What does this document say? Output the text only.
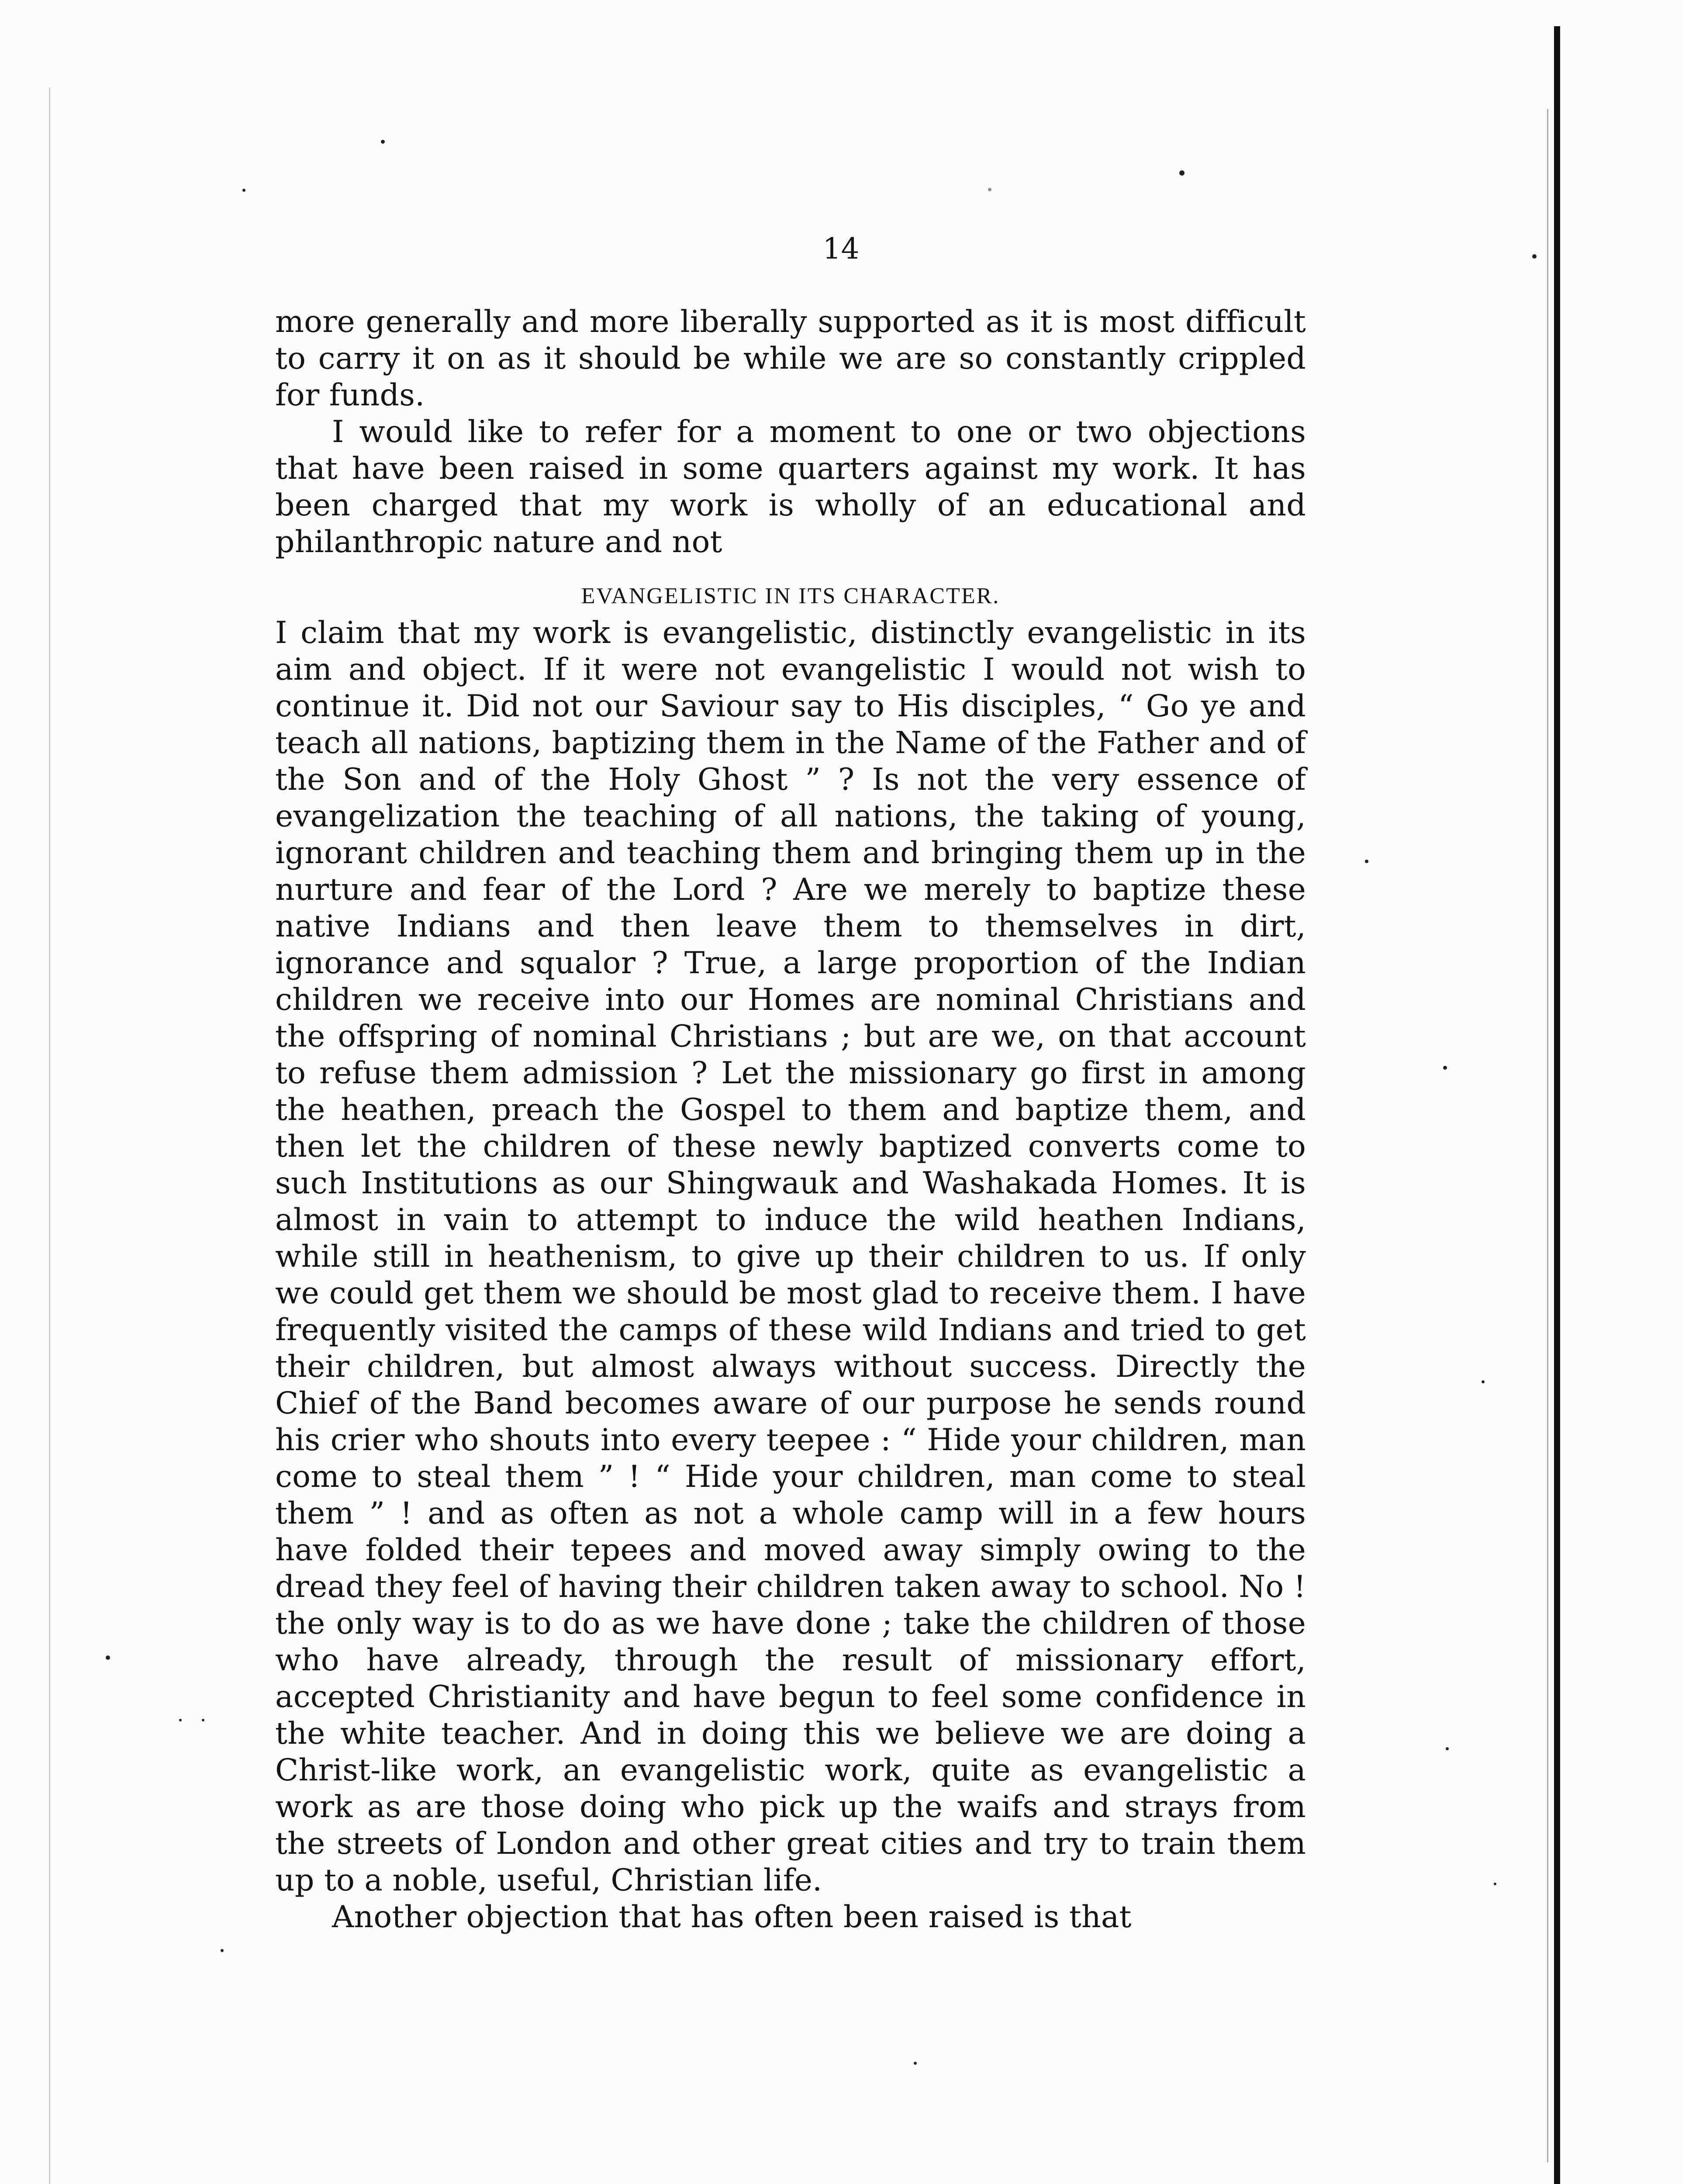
14

more generally and more liberally supported as it is most difficult to carry it on as it should be while we are so constantly crippled for funds.

I would like to refer for a moment to one or two objections that have been raised in some quarters against my work. It has been charged that my work is wholly of an educational and philanthropic nature and not

EVANGELISTIC IN ITS CHARACTER.

I claim that my work is evangelistic, distinctly evangelistic in its aim and object. If it were not evangelistic I would not wish to continue it. Did not our Saviour say to His disciples, “ Go ye and teach all nations, baptizing them in the Name of the Father and of the Son and of the Holy Ghost ” ? Is not the very essence of evangelization the teaching of all nations, the taking of young, ignorant children and teaching them and bringing them up in the nurture and fear of the Lord ? Are we merely to baptize these native Indians and then leave them to themselves in dirt, ignorance and squalor ? True, a large proportion of the Indian children we receive into our Homes are nominal Christians and the offspring of nominal Christians ; but are we, on that account to refuse them admission ? Let the missionary go first in among the heathen, preach the Gospel to them and baptize them, and then let the children of these newly baptized converts come to such Institutions as our Shingwauk and Washakada Homes. It is almost in vain to attempt to induce the wild heathen Indians, while still in heathenism, to give up their children to us. If only we could get them we should be most glad to receive them. I have frequently visited the camps of these wild Indians and tried to get their children, but almost always without success. Directly the Chief of the Band becomes aware of our purpose he sends round his crier who shouts into every teepee : “ Hide your children, man come to steal them ” ! “ Hide your children, man come to steal them ” ! and as often as not a whole camp will in a few hours have folded their tepees and moved away simply owing to the dread they feel of having their children taken away to school. No ! the only way is to do as we have done ; take the children of those who have already, through the result of missionary effort, accepted Christianity and have begun to feel some confidence in the white teacher. And in doing this we believe we are doing a Christ-like work, an evangelistic work, quite as evangelistic a work as are those doing who pick up the waifs and strays from the streets of London and other great cities and try to train them up to a noble, useful, Christian life.

Another objection that has often been raised is that
